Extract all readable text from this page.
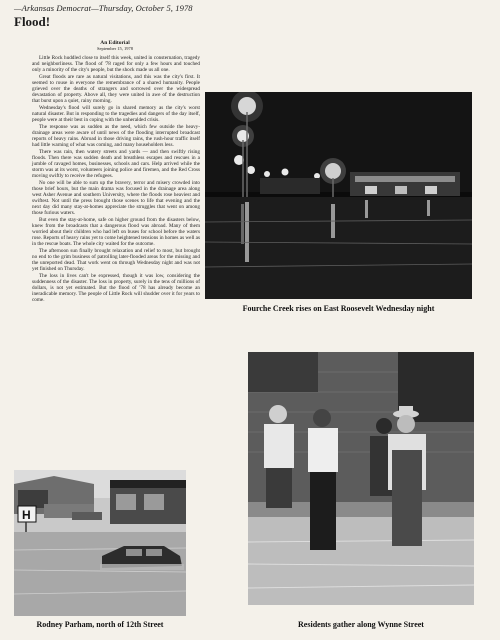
—Arkansas Democrat—Thursday, October 5, 1978
Flood!
An Editorial
September 15, 1978

Little Rock huddled close to itself this week, united in consternation, tragedy and neighborliness. The flood of '78 raged for only a few hours and touched only a minority of the city's people, but the shock made us all one.

Great floods are rare as natural visitations, and this was the city's first. It seemed to rouse in everyone the remembrance of a shared humanity. People grieved over the deaths of strangers and sorrowed over the widespread devastation of property. Above all, they were united in awe of the destruction that burst upon a quiet, rainy morning.

Wednesday's flood will surely go in shared memory as the city's worst natural disaster. But in responding to the tragedies and dangers of the day itself, people were at their best in coping with the unheralded crisis.

The response was as sudden as the need, which few outside the heavy-drainage areas were aware of until news of the flooding interrupted broadcast reports of heavy rains. Abroad in those driving rains, the rush-hour traffic itself had little warning of what was coming, and many householders less.

There was rain, then watery streets and yards — and then swiftly rising floods. Then there was sudden death and breathless escapes and rescues in a jumble of ravaged homes, businesses, schools and cars. Help arrived while the storm was at its worst, volunteers joining police and firemen, and the Red Cross moving swiftly to receive the refugees.

No one will be able to sum up the bravery, terror and misery crowded into those brief hours, but the main drama was focused in the drainage area along west Asher Avenue and southern University, where the floods rose heaviest and swiftest. Not until the press brought those scenes to life that evening and the next day did many stay-at-homes appreciate the struggles that went on among those furious waters.

But even the stay-at-home, safe on higher ground from the disasters below, knew from the broadcasts that a dangerous flood was abroad. Many of them worried about their children who had left on buses for school before the waters rose. Reports of heavy rains yet to come heightened tensions in homes as well as in the rescue boats. The whole city waited for the outcome.

The afternoon sun finally brought relaxation and relief to most, but brought no end to the grim business of patrolling later-flooded areas for the missing and the unreported dead. That work went on through Wednesday night and was not yet finished on Thursday.

The loss in lives can't be expressed, though it was low, considering the suddenness of the disaster. The loss in property, surely in the tens of millions of dollars, is not yet estimated. But the flood of '78 has already become an ineradicable memory. The people of Little Rock will shudder over it for years to come.

Fourche Creek rises on East Roosevelt Wednesday night
H
Rodney Parham, north of 12th Street	Residents gather along Wynne Street
